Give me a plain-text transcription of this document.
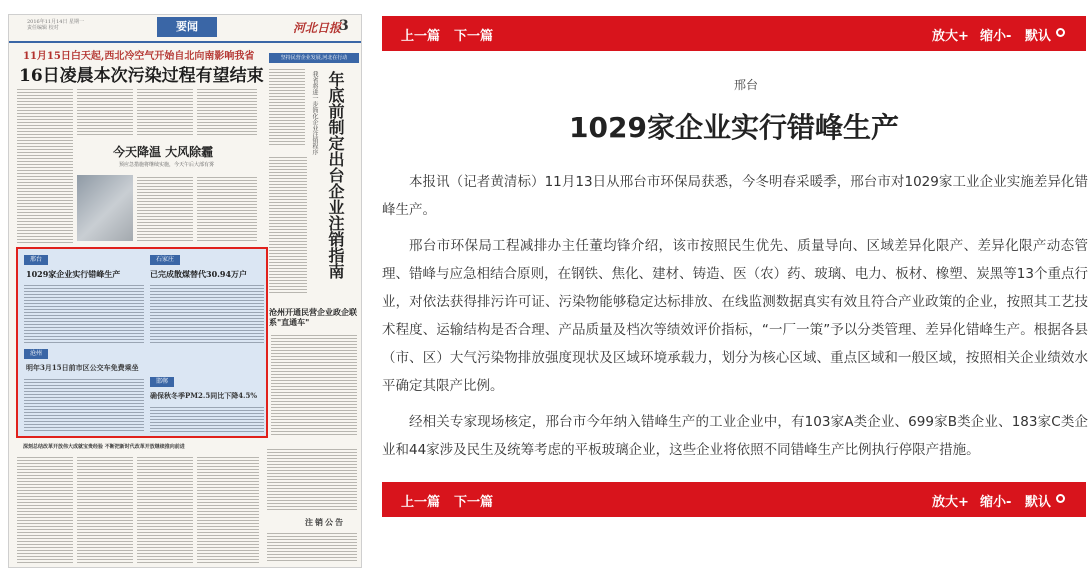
2016年11月14日 星期一 责任编辑 校对	要闻	河北日报
3
11月15日白天起,西北冷空气开始自北向南影响我省
16日凌晨本次污染过程有望结束
今天降温 大风除霾
预应急措施将继续实施，今天午后大部有雾
坚持民营企业发展,河北在行动
我省将进一步简化企业注销程序 年底前制定出台企业注销指南
邢台
1029家企业实行错峰生产
石家庄
已完成散煤替代30.94万户
沧州
明年3月15日前市区公交车免费乘坐
邯郸
确保秋冬季PM2.5同比下降4.5%
沧州开通民营企业政企联系"直通车"
深刻总结改革开放伟大成就宝贵经验 不断把新时代改革开放继续推向前进
注销公告
上一篇 下一篇	放大+ 缩小- 默认
邢台
1029家企业实行错峰生产

本报讯（记者黄清标）11月13日从邢台市环保局获悉，今冬明春采暖季，邢台市对1029家工业企业实施差异化错峰生产。

邢台市环保局工程减排办主任董均锋介绍，该市按照民生优先、质量导向、区域差异化限产、差异化限产动态管理、错峰与应急相结合原则，在钢铁、焦化、建材、铸造、医（农）药、玻璃、电力、板材、橡塑、炭黑等13个重点行业，对依法获得排污许可证、污染物能够稳定达标排放、在线监测数据真实有效且符合产业政策的企业，按照其工艺技术程度、运输结构是否合理、产品质量及档次等绩效评价指标，“一厂一策”予以分类管理、差异化错峰生产。根据各县（市、区）大气污染物排放强度现状及区域环境承载力，划分为核心区域、重点区域和一般区域，按照相关企业绩效水平确定其限产比例。

经相关专家现场核定，邢台市今年纳入错峰生产的工业企业中，有103家A类企业、699家B类企业、183家C类企业和44家涉及民生及统筹考虑的平板玻璃企业，这些企业将依照不同错峰生产比例执行停限产措施。

上一篇 下一篇	放大+ 缩小- 默认
